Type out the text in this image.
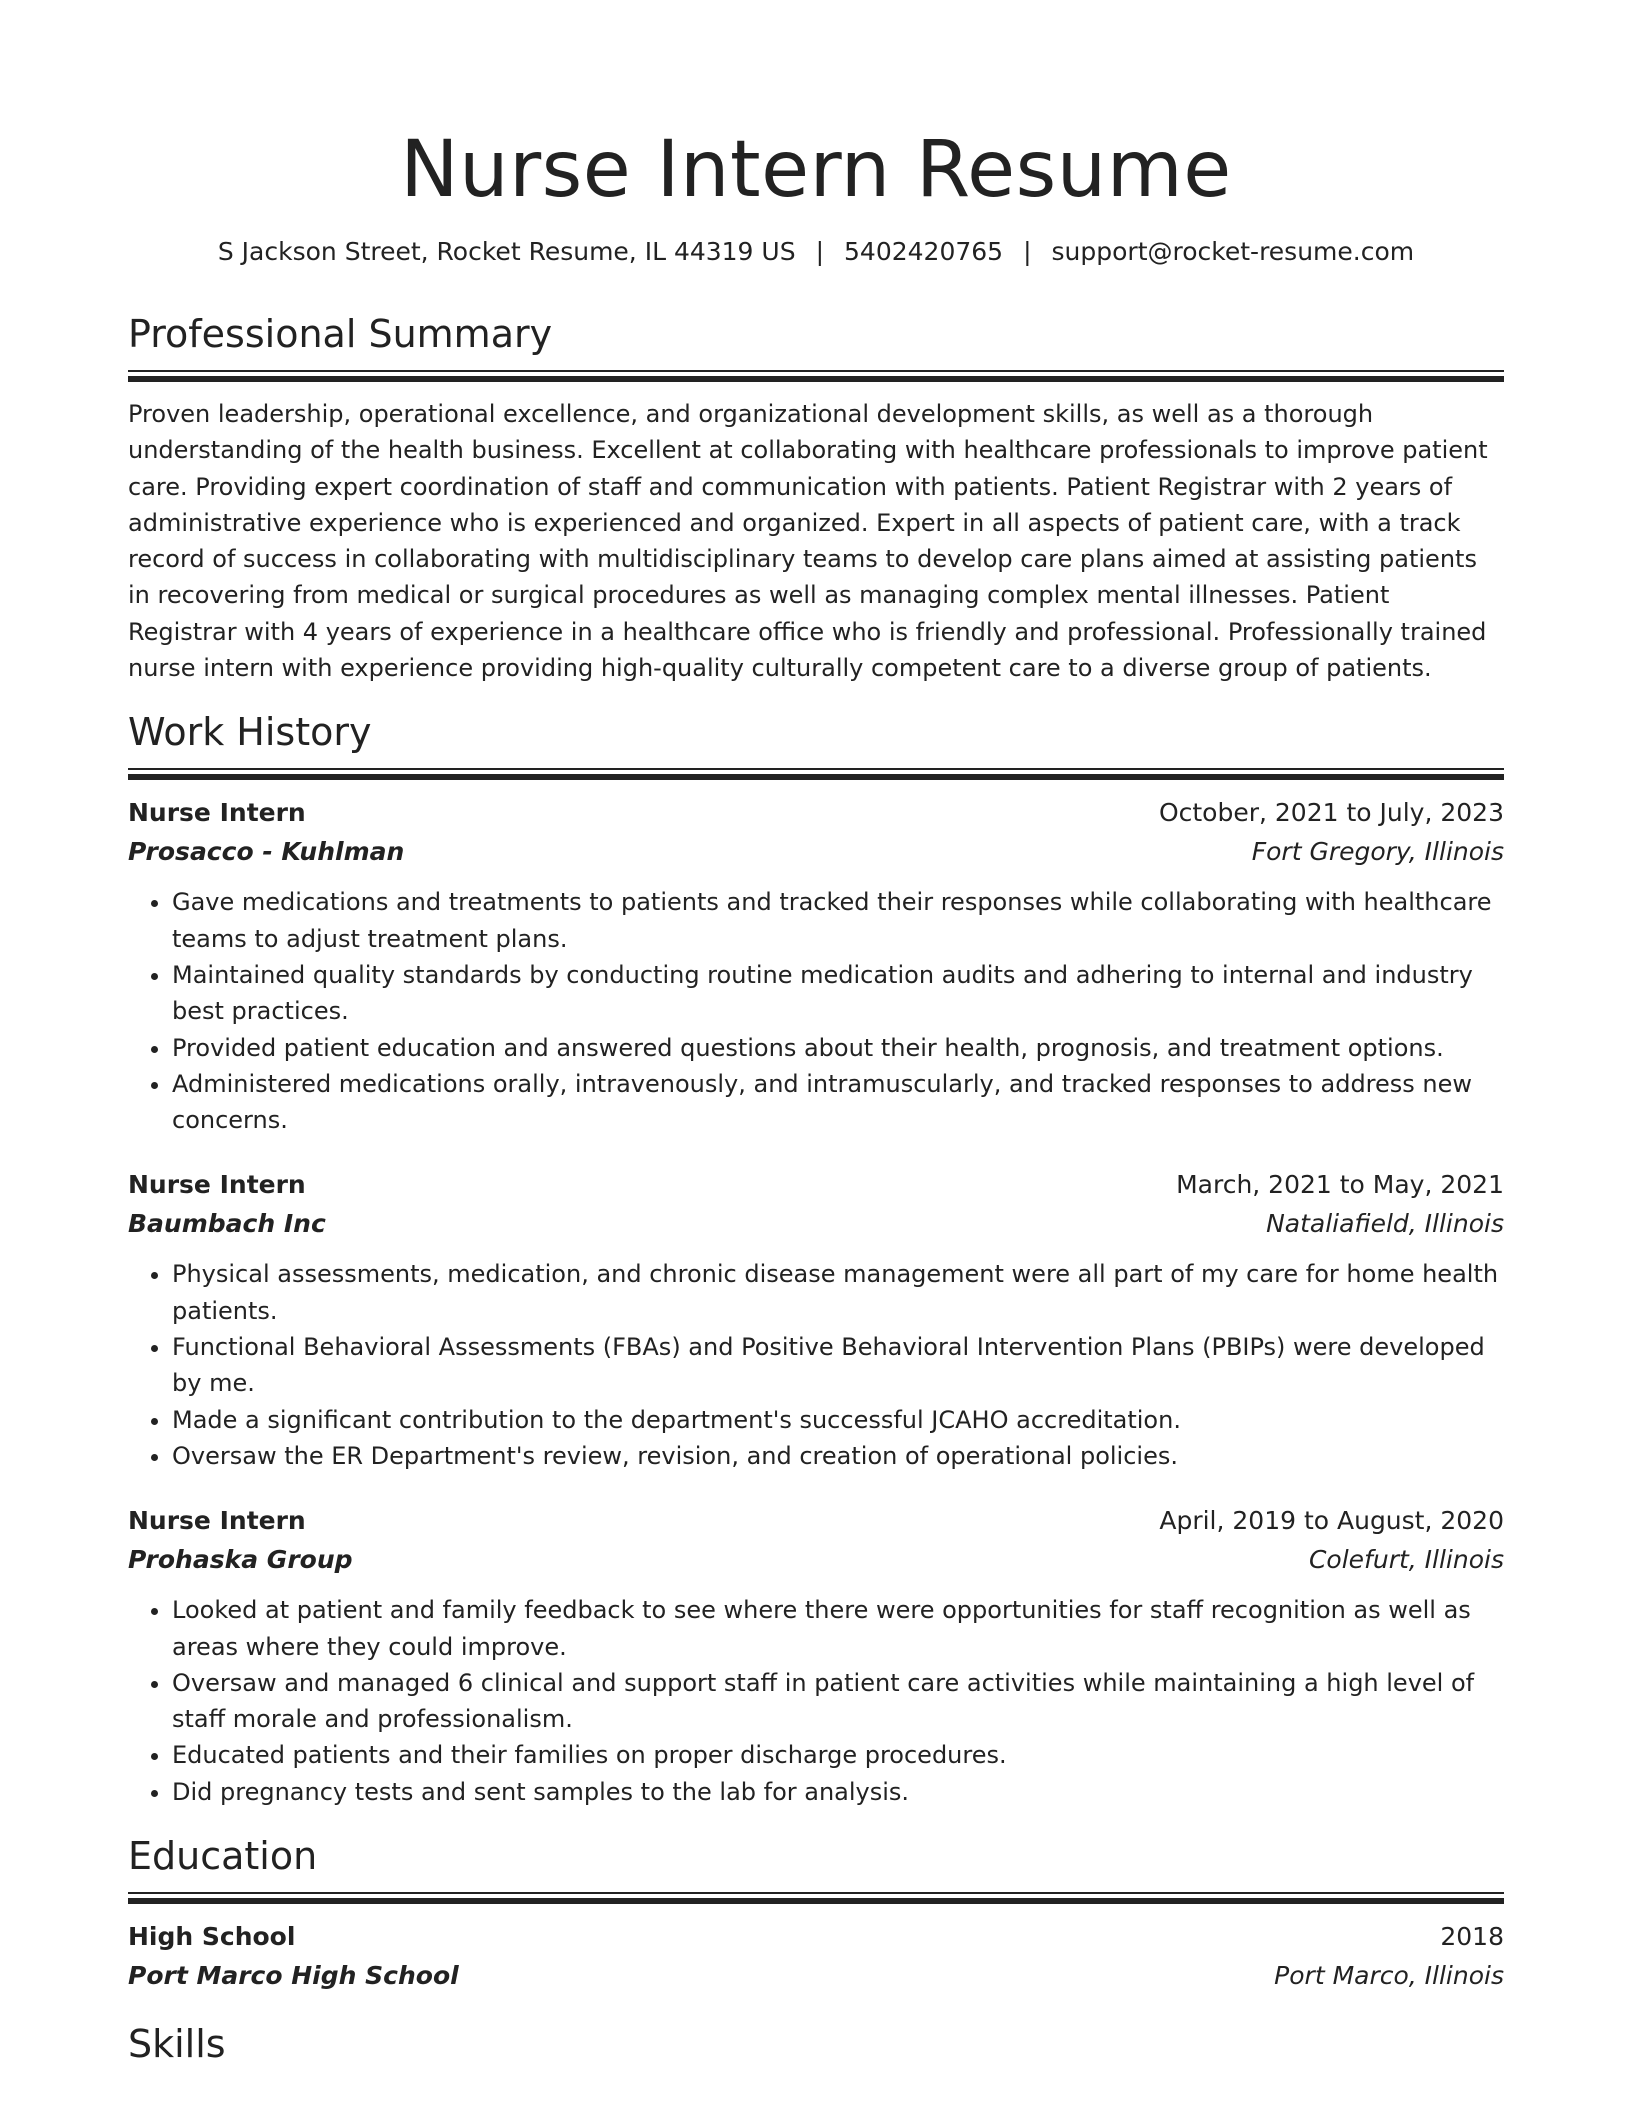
Nurse Intern Resume
S Jackson Street, Rocket Resume, IL 44319 US | 5402420765 | support@rocket-resume.com
Professional Summary

Proven leadership, operational excellence, and organizational development skills, as well as a thorough understanding of the health business. Excellent at collaborating with healthcare professionals to improve patient care. Providing expert coordination of staff and communication with patients. Patient Registrar with 2 years of administrative experience who is experienced and organized. Expert in all aspects of patient care, with a track record of success in collaborating with multidisciplinary teams to develop care plans aimed at assisting patients in recovering from medical or surgical procedures as well as managing complex mental illnesses. Patient Registrar with 4 years of experience in a healthcare office who is friendly and professional. Professionally trained nurse intern with experience providing high-quality culturally competent care to a diverse group of patients.

Work History
Nurse Intern	October, 2021 to July, 2023
Prosacco - Kuhlman	Fort Gregory, Illinois
• Gave medications and treatments to patients and tracked their responses while collaborating with healthcare teams to adjust treatment plans.
• Maintained quality standards by conducting routine medication audits and adhering to internal and industry best practices.
• Provided patient education and answered questions about their health, prognosis, and treatment options.
• Administered medications orally, intravenously, and intramuscularly, and tracked responses to address new concerns.
Nurse Intern	March, 2021 to May, 2021
Baumbach Inc	Nataliafield, Illinois
• Physical assessments, medication, and chronic disease management were all part of my care for home health patients.
• Functional Behavioral Assessments (FBAs) and Positive Behavioral Intervention Plans (PBIPs) were developed by me.
• Made a significant contribution to the department's successful JCAHO accreditation.
• Oversaw the ER Department's review, revision, and creation of operational policies.
Nurse Intern	April, 2019 to August, 2020
Prohaska Group	Colefurt, Illinois
• Looked at patient and family feedback to see where there were opportunities for staff recognition as well as areas where they could improve.
• Oversaw and managed 6 clinical and support staff in patient care activities while maintaining a high level of staff morale and professionalism.
• Educated patients and their families on proper discharge procedures.
• Did pregnancy tests and sent samples to the lab for analysis.
Education
High School	2018
Port Marco High School	Port Marco, Illinois
Skills
